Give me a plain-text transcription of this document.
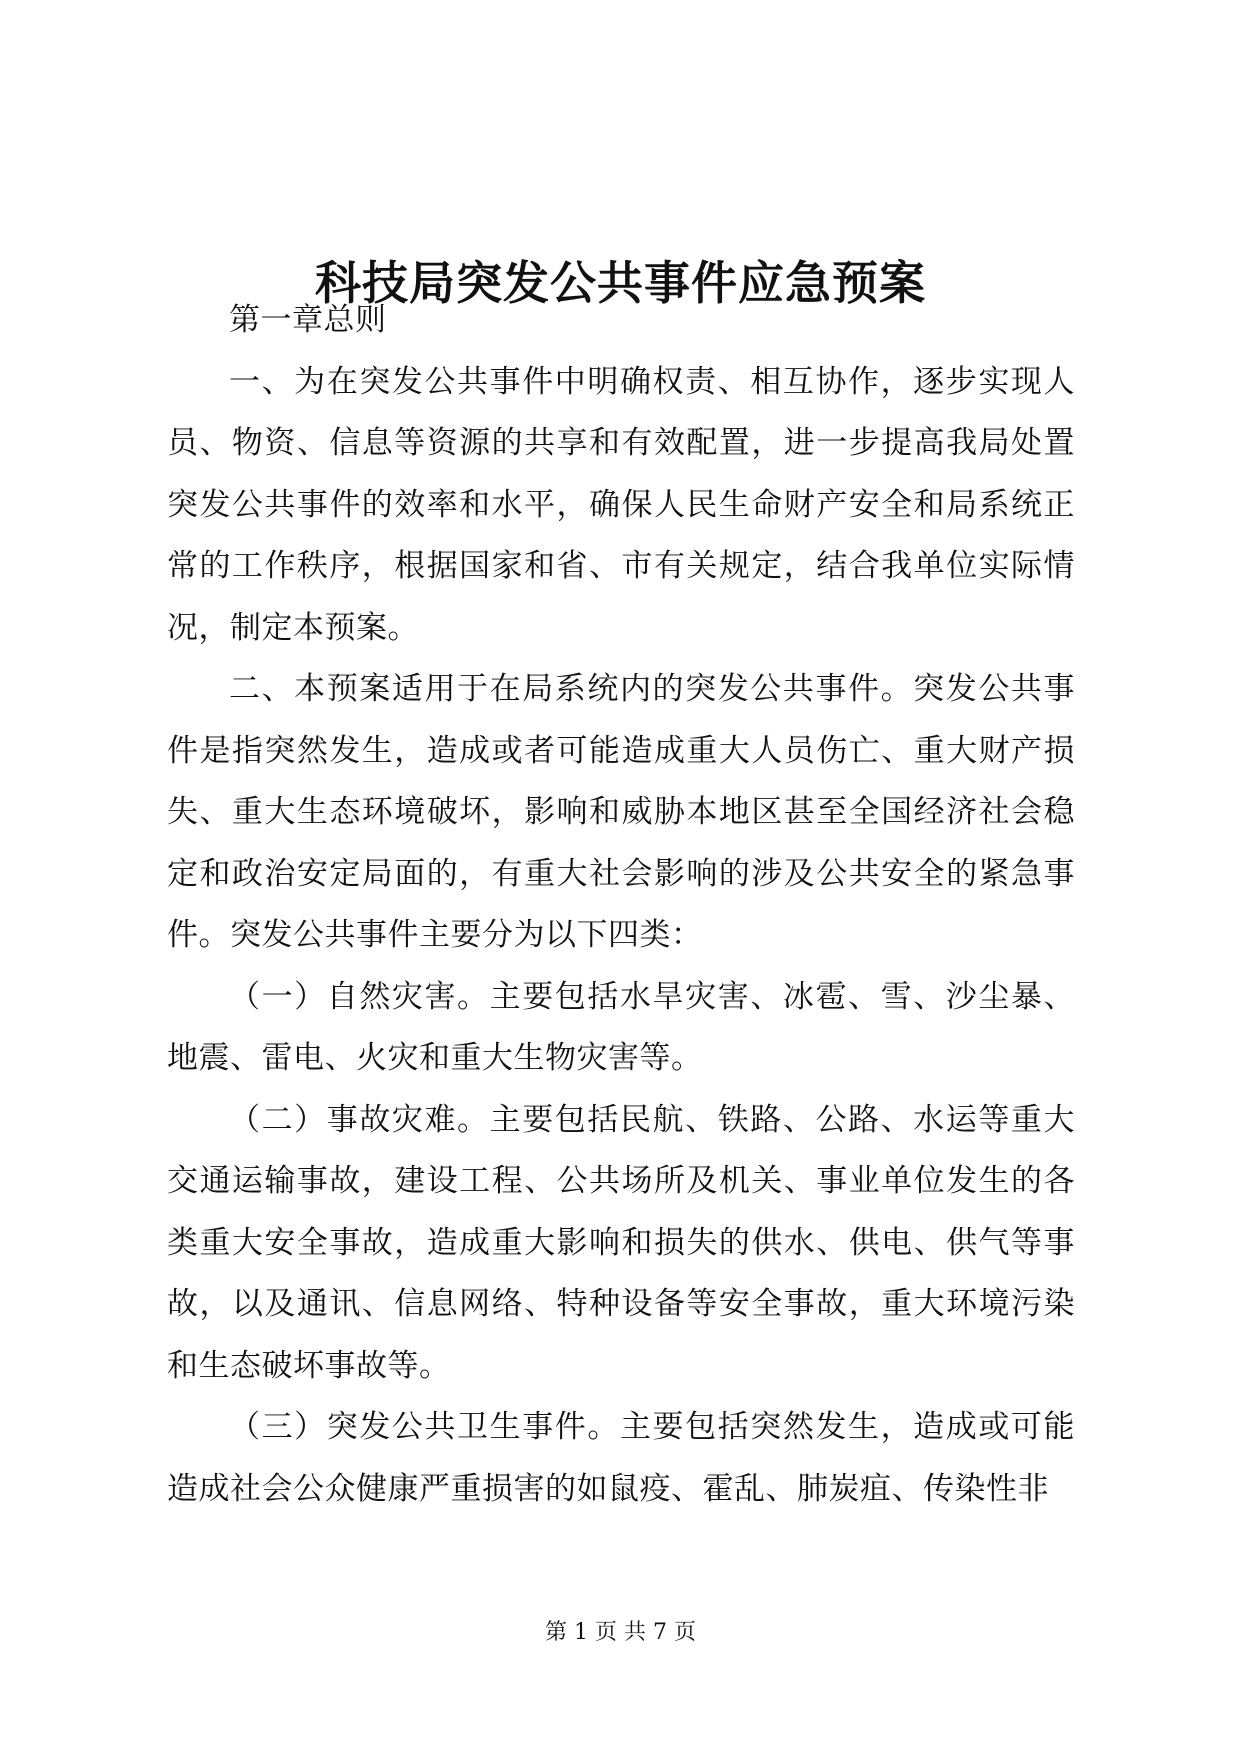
科技局突发公共事件应急预案

第一章总则

一、为在突发公共事件中明确权责、相互协作，逐步实现人员、物资、信息等资源的共享和有效配置，进一步提高我局处置突发公共事件的效率和水平，确保人民生命财产安全和局系统正常的工作秩序，根据国家和省、市有关规定，结合我单位实际情况，制定本预案。

二、本预案适用于在局系统内的突发公共事件。突发公共事件是指突然发生，造成或者可能造成重大人员伤亡、重大财产损失、重大生态环境破坏，影响和威胁本地区甚至全国经济社会稳定和政治安定局面的，有重大社会影响的涉及公共安全的紧急事件。突发公共事件主要分为以下四类：

（一）自然灾害。主要包括水旱灾害、冰雹、雪、沙尘暴、地震、雷电、火灾和重大生物灾害等。

（二）事故灾难。主要包括民航、铁路、公路、水运等重大交通运输事故，建设工程、公共场所及机关、事业单位发生的各类重大安全事故，造成重大影响和损失的供水、供电、供气等事故，以及通讯、信息网络、特种设备等安全事故，重大环境污染和生态破坏事故等。

（三）突发公共卫生事件。主要包括突然发生，造成或可能造成社会公众健康严重损害的如鼠疫、霍乱、肺炭疽、传染性非

第 1 页 共 7 页
